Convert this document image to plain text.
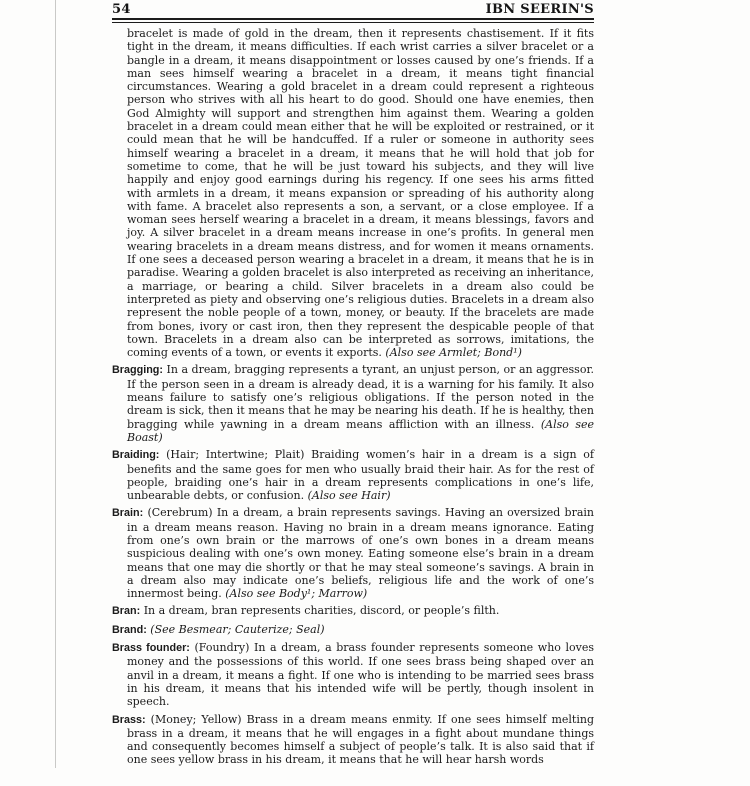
54	IBN SEERIN'S

bracelet is made of gold in the dream, then it represents chastisement. If it fits tight in the dream, it means difficulties. If each wrist carries a silver bracelet or a bangle in a dream, it means disappointment or losses caused by one’s friends. If a man sees himself wearing a bracelet in a dream, it means tight financial circumstances. Wearing a gold bracelet in a dream could represent a righteous person who strives with all his heart to do good. Should one have enemies, then God Almighty will support and strengthen him against them. Wearing a golden bracelet in a dream could mean either that he will be exploited or restrained, or it could mean that he will be handcuffed. If a ruler or someone in authority sees himself wearing a bracelet in a dream, it means that he will hold that job for sometime to come, that he will be just toward his subjects, and they will live happily and enjoy good earnings during his regency. If one sees his arms fitted with armlets in a dream, it means expansion or spreading of his authority along with fame. A bracelet also represents a son, a servant, or a close employee. If a woman sees herself wearing a bracelet in a dream, it means blessings, favors and joy. A silver bracelet in a dream means increase in one’s profits. In general men wearing bracelets in a dream means distress, and for women it means ornaments. If one sees a deceased person wearing a bracelet in a dream, it means that he is in paradise. Wearing a golden bracelet is also interpreted as receiving an inheritance, a marriage, or bearing a child. Silver bracelets in a dream also could be interpreted as piety and observing one’s religious duties. Bracelets in a dream also represent the noble people of a town, money, or beauty. If the bracelets are made from bones, ivory or cast iron, then they represent the despicable people of that town. Bracelets in a dream also can be interpreted as sorrows, imitations, the coming events of a town, or events it exports. (Also see Armlet; Bond¹)

Bragging: In a dream, bragging represents a tyrant, an unjust person, or an aggressor. If the person seen in a dream is already dead, it is a warning for his family. It also means failure to satisfy one’s religious obligations. If the person noted in the dream is sick, then it means that he may be nearing his death. If he is healthy, then bragging while yawning in a dream means affliction with an illness. (Also see Boast)

Braiding: (Hair; Intertwine; Plait) Braiding women’s hair in a dream is a sign of benefits and the same goes for men who usually braid their hair. As for the rest of people, braiding one’s hair in a dream represents complications in one’s life, unbearable debts, or confusion. (Also see Hair)

Brain: (Cerebrum) In a dream, a brain represents savings. Having an oversized brain in a dream means reason. Having no brain in a dream means ignorance. Eating from one’s own brain or the marrows of one’s own bones in a dream means suspicious dealing with one’s own money. Eating someone else’s brain in a dream means that one may die shortly or that he may steal someone’s savings. A brain in a dream also may indicate one’s beliefs, religious life and the work of one’s innermost being. (Also see Body¹; Marrow)

Bran: In a dream, bran represents charities, discord, or people’s filth.

Brand: (See Besmear; Cauterize; Seal)

Brass founder: (Foundry) In a dream, a brass founder represents someone who loves money and the possessions of this world. If one sees brass being shaped over an anvil in a dream, it means a fight. If one who is intending to be married sees brass in his dream, it means that his intended wife will be pertly, though insolent in speech.

Brass: (Money; Yellow) Brass in a dream means enmity. If one sees himself melting brass in a dream, it means that he will engages in a fight about mundane things and consequently becomes himself a subject of people’s talk. It is also said that if one sees yellow brass in his dream, it means that he will hear harsh words
